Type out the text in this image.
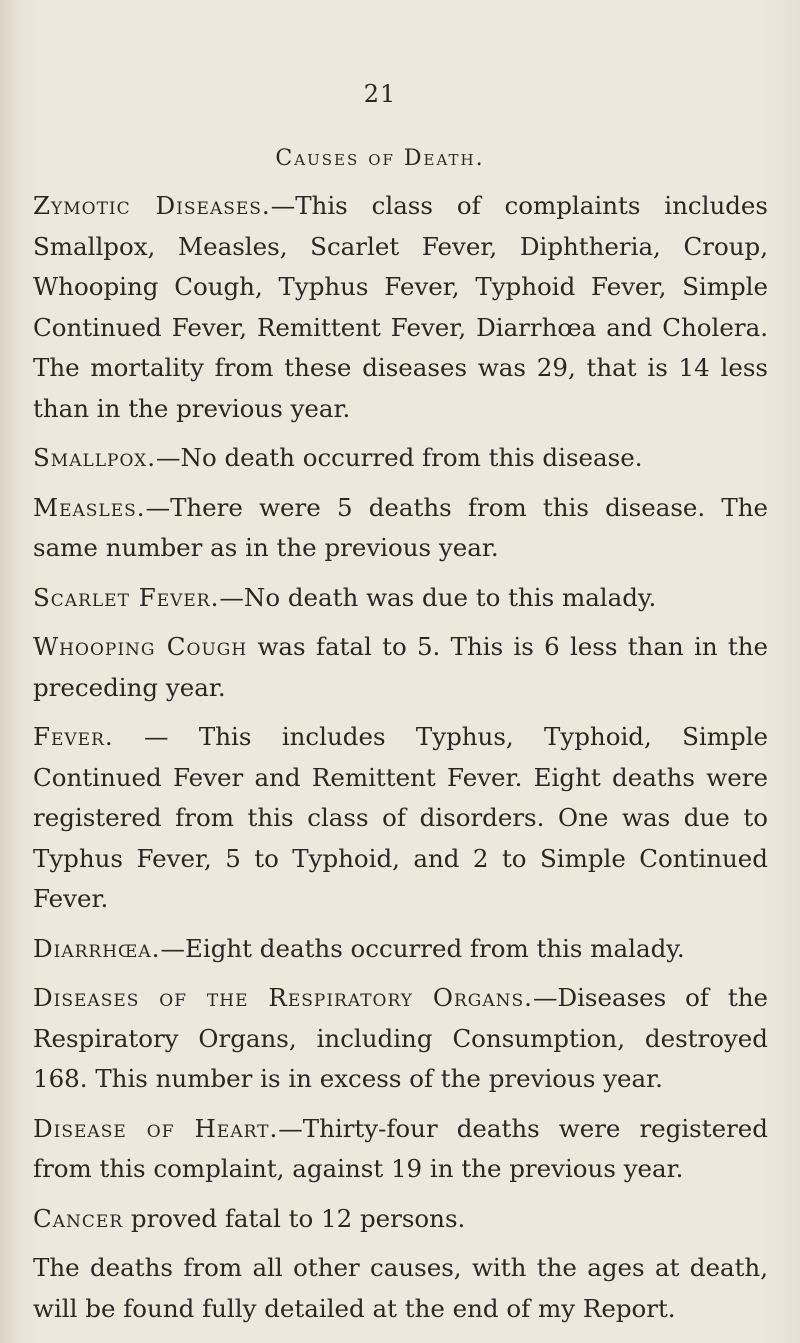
21
Causes of Death.

Zymotic Diseases.—This class of complaints includes Smallpox, Measles, Scarlet Fever, Diphtheria, Croup, Whooping Cough, Typhus Fever, Typhoid Fever, Simple Continued Fever, Remittent Fever, Diarrhœa and Cholera. The mortality from these diseases was 29, that is 14 less than in the previous year.

Smallpox.—No death occurred from this disease.

Measles.—There were 5 deaths from this disease. The same number as in the previous year.

Scarlet Fever.—No death was due to this malady.

Whooping Cough was fatal to 5. This is 6 less than in the preceding year.

Fever. — This includes Typhus, Typhoid, Simple Continued Fever and Remittent Fever. Eight deaths were registered from this class of disorders. One was due to Typhus Fever, 5 to Typhoid, and 2 to Simple Continued Fever.

Diarrhœa.—Eight deaths occurred from this malady.

Diseases of the Respiratory Organs.—Diseases of the Respiratory Organs, including Consumption, destroyed 168. This number is in excess of the previous year.

Disease of Heart.—Thirty-four deaths were registered from this complaint, against 19 in the previous year.

Cancer proved fatal to 12 persons.

The deaths from all other causes, with the ages at death, will be found fully detailed at the end of my Report.
